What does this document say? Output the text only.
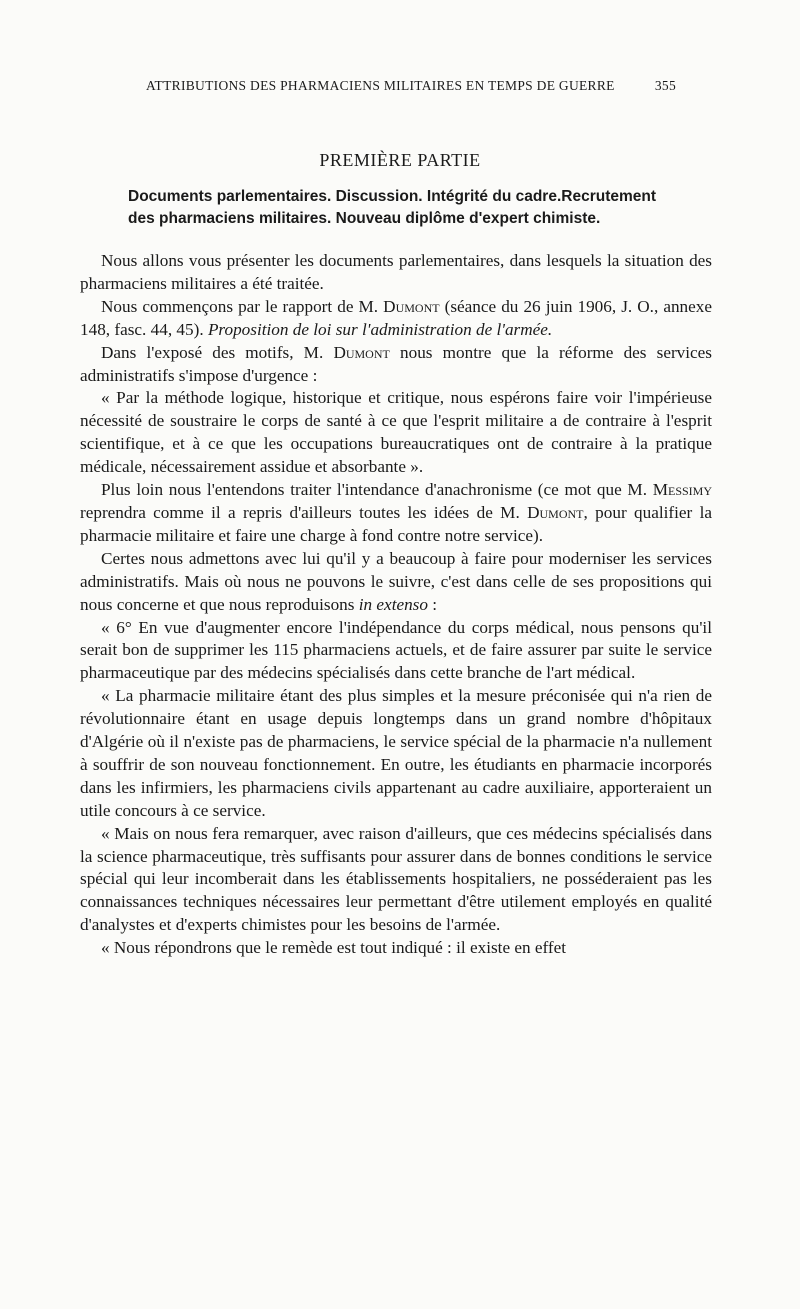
ATTRIBUTIONS DES PHARMACIENS MILITAIRES EN TEMPS DE GUERRE	355
PREMIÈRE PARTIE
Documents parlementaires. Discussion. Intégrité du cadre.Recrutement
des pharmaciens militaires. Nouveau diplôme d'expert chimiste.

Nous allons vous présenter les documents parlementaires, dans lesquels la situation des pharmaciens militaires a été traitée.

Nous commençons par le rapport de M. Dumont (séance du 26 juin 1906, J. O., annexe 148, fasc. 44, 45). Proposition de loi sur l'administration de l'armée.

Dans l'exposé des motifs, M. Dumont nous montre que la réforme des services administratifs s'impose d'urgence :

« Par la méthode logique, historique et critique, nous espérons faire voir l'impérieuse nécessité de soustraire le corps de santé à ce que l'esprit militaire a de contraire à l'esprit scientifique, et à ce que les occupations bureaucratiques ont de contraire à la pratique médicale, nécessairement assidue et absorbante ».

Plus loin nous l'entendons traiter l'intendance d'anachronisme (ce mot que M. Messimy reprendra comme il a repris d'ailleurs toutes les idées de M. Dumont, pour qualifier la pharmacie militaire et faire une charge à fond contre notre service).

Certes nous admettons avec lui qu'il y a beaucoup à faire pour moderniser les services administratifs. Mais où nous ne pouvons le suivre, c'est dans celle de ses propositions qui nous concerne et que nous reproduisons in extenso :

« 6° En vue d'augmenter encore l'indépendance du corps médical, nous pensons qu'il serait bon de supprimer les 115 pharmaciens actuels, et de faire assurer par suite le service pharmaceutique par des médecins spécialisés dans cette branche de l'art médical.

« La pharmacie militaire étant des plus simples et la mesure préconisée qui n'a rien de révolutionnaire étant en usage depuis longtemps dans un grand nombre d'hôpitaux d'Algérie où il n'existe pas de pharmaciens, le service spécial de la pharmacie n'a nullement à souffrir de son nouveau fonctionnement. En outre, les étudiants en pharmacie incorporés dans les infirmiers, les pharmaciens civils appartenant au cadre auxiliaire, apporteraient un utile concours à ce service.

« Mais on nous fera remarquer, avec raison d'ailleurs, que ces médecins spécialisés dans la science pharmaceutique, très suffisants pour assurer dans de bonnes conditions le service spécial qui leur incomberait dans les établissements hospitaliers, ne posséderaient pas les connaissances techniques nécessaires leur permettant d'être utilement employés en qualité d'analystes et d'experts chimistes pour les besoins de l'armée.

« Nous répondrons que le remède est tout indiqué : il existe en effet
